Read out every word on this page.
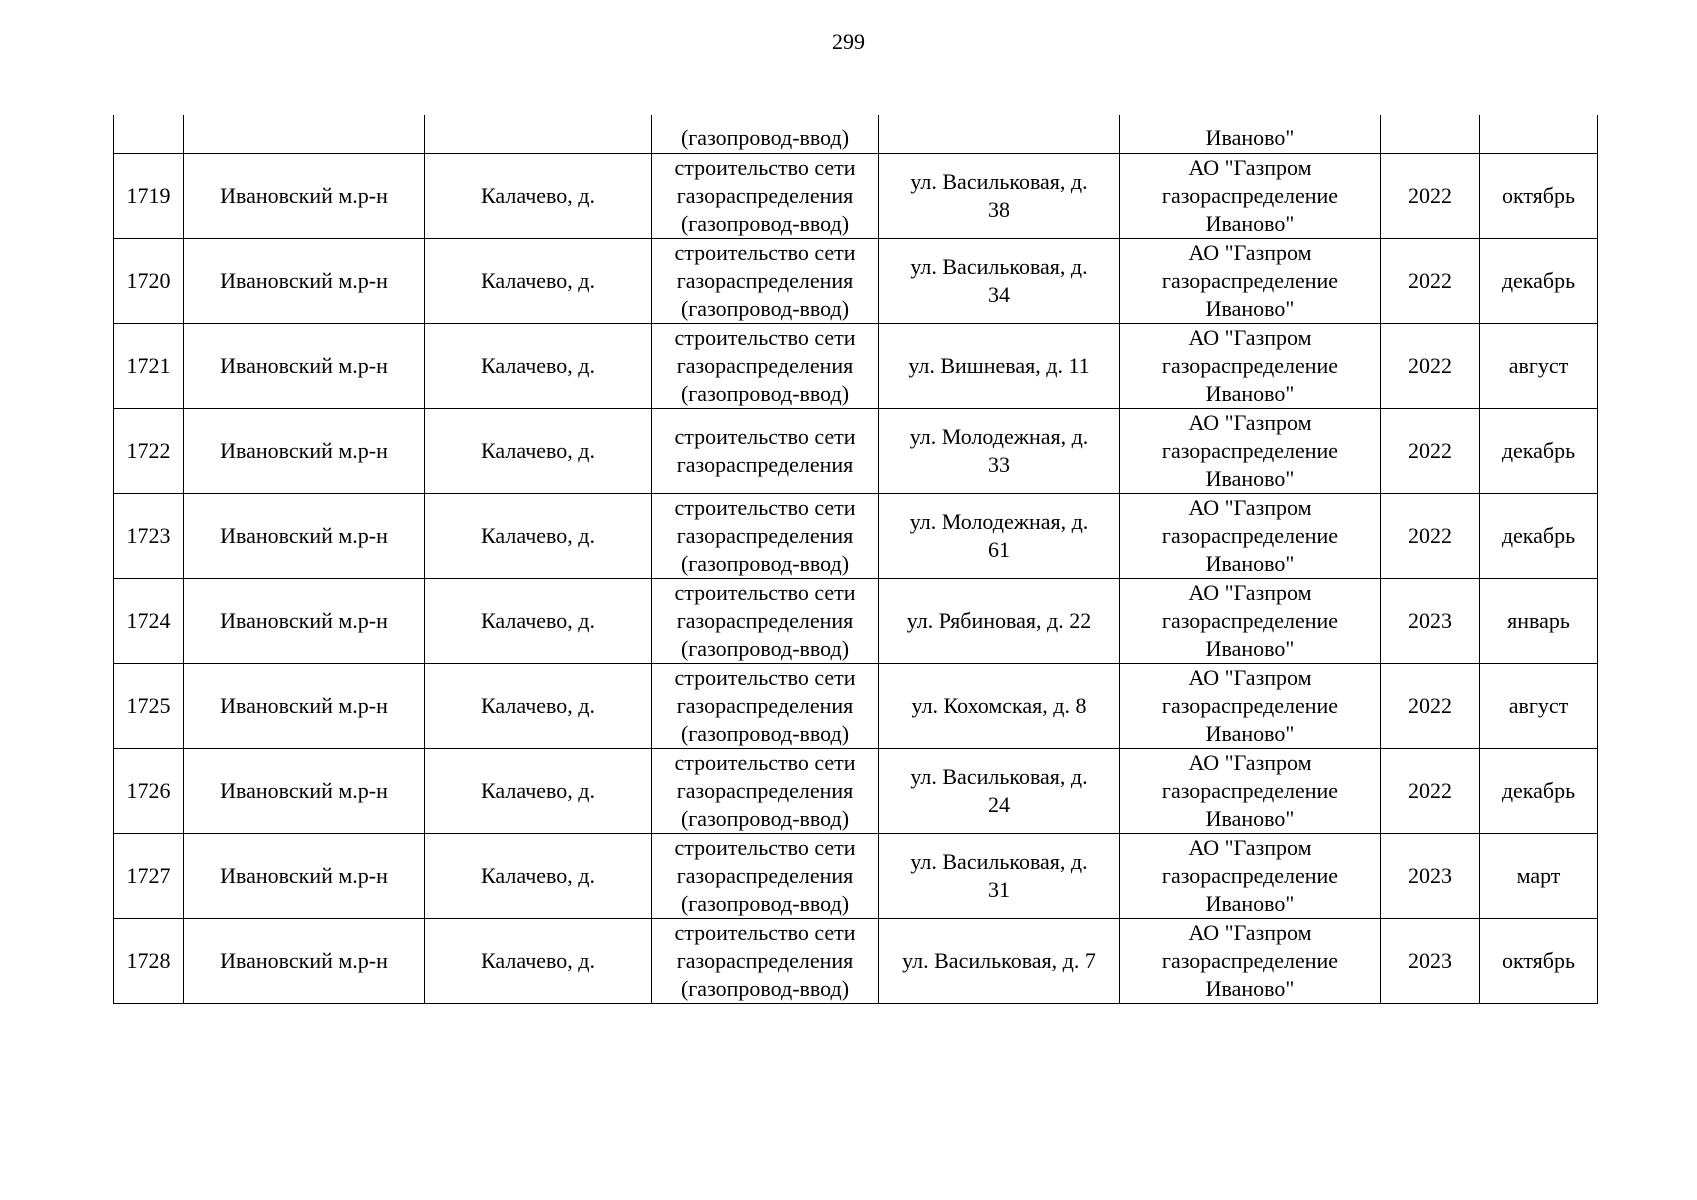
299
			(газопровод-ввод)		Иваново"		
1719	Ивановский м.р-н	Калачево, д.	строительство сети
газораспределения
(газопровод-ввод)	ул. Васильковая, д.
38	АО "Газпром
газораспределение
Иваново"	2022	октябрь
1720	Ивановский м.р-н	Калачево, д.	строительство сети
газораспределения
(газопровод-ввод)	ул. Васильковая, д.
34	АО "Газпром
газораспределение
Иваново"	2022	декабрь
1721	Ивановский м.р-н	Калачево, д.	строительство сети
газораспределения
(газопровод-ввод)	ул. Вишневая, д. 11	АО "Газпром
газораспределение
Иваново"	2022	август
1722	Ивановский м.р-н	Калачево, д.	строительство сети
газораспределения	ул. Молодежная, д.
33	АО "Газпром
газораспределение
Иваново"	2022	декабрь
1723	Ивановский м.р-н	Калачево, д.	строительство сети
газораспределения
(газопровод-ввод)	ул. Молодежная, д.
61	АО "Газпром
газораспределение
Иваново"	2022	декабрь
1724	Ивановский м.р-н	Калачево, д.	строительство сети
газораспределения
(газопровод-ввод)	ул. Рябиновая, д. 22	АО "Газпром
газораспределение
Иваново"	2023	январь
1725	Ивановский м.р-н	Калачево, д.	строительство сети
газораспределения
(газопровод-ввод)	ул. Кохомская, д. 8	АО "Газпром
газораспределение
Иваново"	2022	август
1726	Ивановский м.р-н	Калачево, д.	строительство сети
газораспределения
(газопровод-ввод)	ул. Васильковая, д.
24	АО "Газпром
газораспределение
Иваново"	2022	декабрь
1727	Ивановский м.р-н	Калачево, д.	строительство сети
газораспределения
(газопровод-ввод)	ул. Васильковая, д.
31	АО "Газпром
газораспределение
Иваново"	2023	март
1728	Ивановский м.р-н	Калачево, д.	строительство сети
газораспределения
(газопровод-ввод)	ул. Васильковая, д. 7	АО "Газпром
газораспределение
Иваново"	2023	октябрь
